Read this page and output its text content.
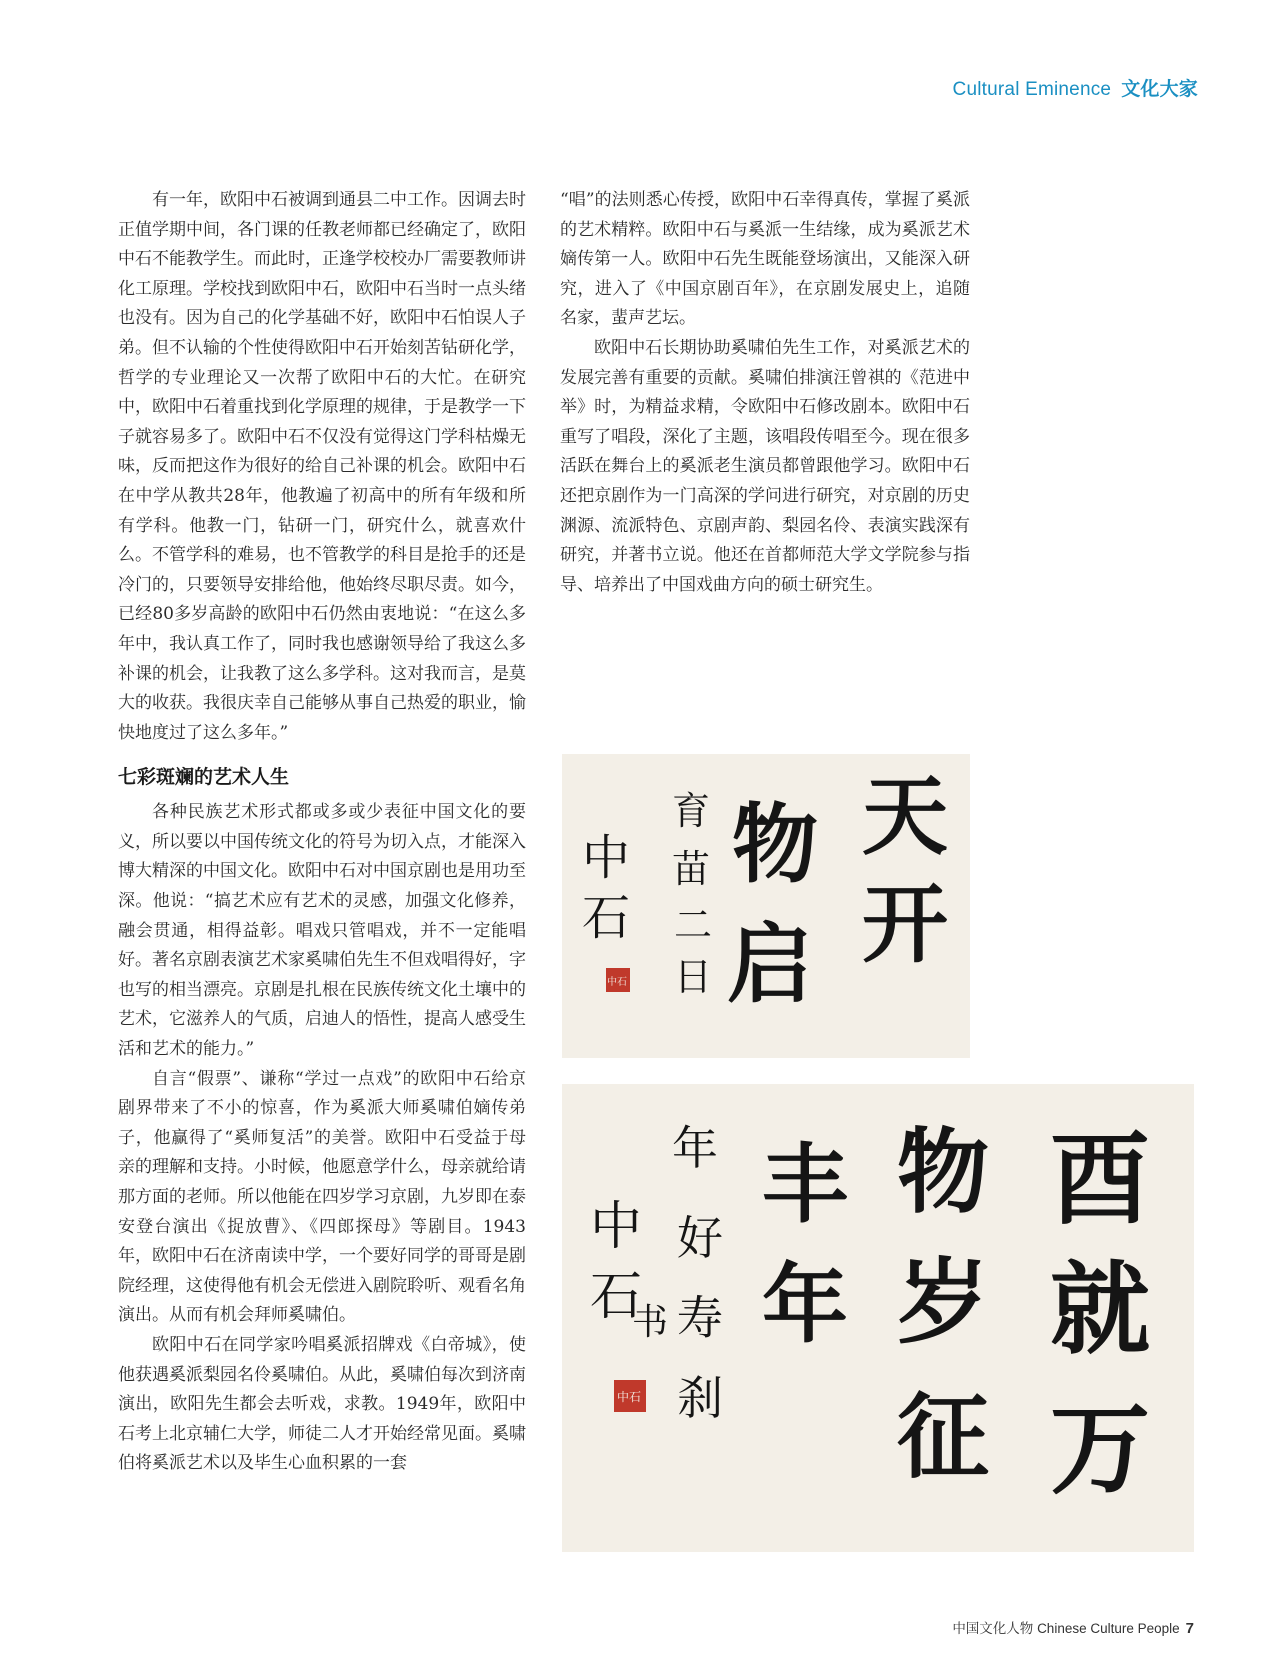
Cultural Eminence 文化大家

有一年，欧阳中石被调到通县二中工作。因调去时正值学期中间，各门课的任教老师都已经确定了，欧阳中石不能教学生。而此时，正逢学校校办厂需要教师讲化工原理。学校找到欧阳中石，欧阳中石当时一点头绪也没有。因为自己的化学基础不好，欧阳中石怕误人子弟。但不认输的个性使得欧阳中石开始刻苦钻研化学，哲学的专业理论又一次帮了欧阳中石的大忙。在研究中，欧阳中石着重找到化学原理的规律，于是教学一下子就容易多了。欧阳中石不仅没有觉得这门学科枯燥无味，反而把这作为很好的给自己补课的机会。欧阳中石在中学从教共28年，他教遍了初高中的所有年级和所有学科。他教一门，钻研一门，研究什么，就喜欢什么。不管学科的难易，也不管教学的科目是抢手的还是冷门的，只要领导安排给他，他始终尽职尽责。如今，已经80多岁高龄的欧阳中石仍然由衷地说：“在这么多年中，我认真工作了，同时我也感谢领导给了我这么多补课的机会，让我教了这么多学科。这对我而言，是莫大的收获。我很庆幸自己能够从事自己热爱的职业，愉快地度过了这么多年。”

七彩斑斓的艺术人生

各种民族艺术形式都或多或少表征中国文化的要义，所以要以中国传统文化的符号为切入点，才能深入博大精深的中国文化。欧阳中石对中国京剧也是用功至深。他说：“搞艺术应有艺术的灵感，加强文化修养，融会贯通，相得益彰。唱戏只管唱戏，并不一定能唱好。著名京剧表演艺术家奚啸伯先生不但戏唱得好，字也写的相当漂亮。京剧是扎根在民族传统文化土壤中的艺术，它滋养人的气质，启迪人的悟性，提高人感受生活和艺术的能力。”

自言“假票”、谦称“学过一点戏”的欧阳中石给京剧界带来了不小的惊喜，作为奚派大师奚啸伯嫡传弟子，他赢得了“奚师复活”的美誉。欧阳中石受益于母亲的理解和支持。小时候，他愿意学什么，母亲就给请那方面的老师。所以他能在四岁学习京剧，九岁即在泰安登台演出《捉放曹》、《四郎探母》等剧目。1943年，欧阳中石在济南读中学，一个要好同学的哥哥是剧院经理，这使得他有机会无偿进入剧院聆听、观看名角演出。从而有机会拜师奚啸伯。

欧阳中石在同学家吟唱奚派招牌戏《白帝城》，使他获遇奚派梨园名伶奚啸伯。从此，奚啸伯每次到济南演出，欧阳先生都会去听戏，求教。1949年，欧阳中石考上北京辅仁大学，师徒二人才开始经常见面。奚啸伯将奚派艺术以及毕生心血积累的一套

“唱”的法则悉心传授，欧阳中石幸得真传，掌握了奚派的艺术精粹。欧阳中石与奚派一生结缘，成为奚派艺术嫡传第一人。欧阳中石先生既能登场演出，又能深入研究，进入了《中国京剧百年》，在京剧发展史上，追随名家，蜚声艺坛。

欧阳中石长期协助奚啸伯先生工作，对奚派艺术的发展完善有重要的贡献。奚啸伯排演汪曾祺的《范进中举》时，为精益求精，令欧阳中石修改剧本。欧阳中石重写了唱段，深化了主题，该唱段传唱至今。现在很多活跃在舞台上的奚派老生演员都曾跟他学习。欧阳中石还把京剧作为一门高深的学问进行研究，对京剧的历史渊源、流派特色、京剧声韵、梨园名伶、表演实践深有研究，并著书立说。他还在首都师范大学文学院参与指导、培养出了中国戏曲方向的硕士研究生。

天
开
物
启
育
苗
二
日
中
石
中石
酉
就
万
物
岁
征
丰
年
年
好
寿
刹
中
石
书
中石
中国文化人物 Chinese Culture People 7
